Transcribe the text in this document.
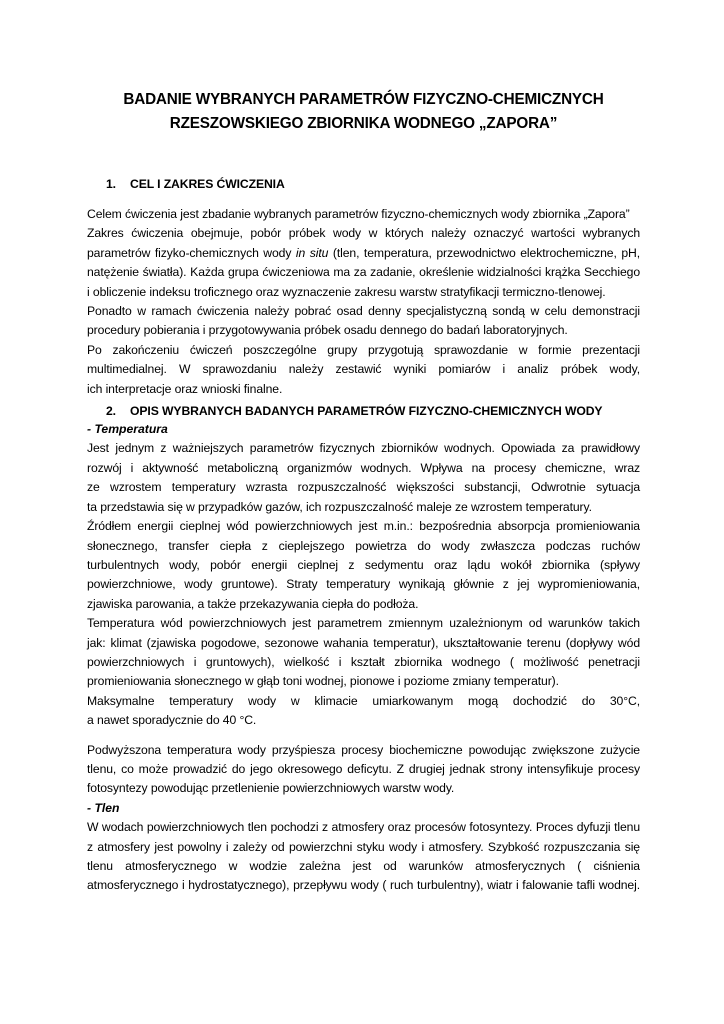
BADANIE WYBRANYCH PARAMETRÓW FIZYCZNO-CHEMICZNYCH
RZESZOWSKIEGO ZBIORNIKA WODNEGO „ZAPORA”
1. CEL I ZAKRES ĆWICZENIA
Celem ćwiczenia jest zbadanie wybranych parametrów fizyczno-chemicznych wody zbiornika „Zapora”
Zakres ćwiczenia obejmuje, pobór próbek wody w których należy oznaczyć wartości wybranych
parametrów fizyko-chemicznych wody in situ (tlen, temperatura, przewodnictwo elektrochemiczne, pH,
natężenie światła). Każda grupa ćwiczeniowa ma za zadanie, określenie widzialności krążka Secchiego
i obliczenie indeksu troficznego oraz wyznaczenie zakresu warstw stratyfikacji termiczno-tlenowej.
Ponadto w ramach ćwiczenia należy pobrać osad denny specjalistyczną sondą w celu demonstracji
procedury pobierania i przygotowywania próbek osadu dennego do badań laboratoryjnych.
Po zakończeniu ćwiczeń poszczególne grupy przygotują sprawozdanie w formie prezentacji
multimedialnej. W sprawozdaniu należy zestawić wyniki pomiarów i analiz próbek wody,
ich interpretacje oraz wnioski finalne.
2. OPIS WYBRANYCH BADANYCH PARAMETRÓW FIZYCZNO-CHEMICZNYCH WODY
- Temperatura
Jest jednym z ważniejszych parametrów fizycznych zbiorników wodnych. Opowiada za prawidłowy
rozwój i aktywność metaboliczną organizmów wodnych. Wpływa na procesy chemiczne, wraz
ze wzrostem temperatury wzrasta rozpuszczalność większości substancji, Odwrotnie sytuacja
ta przedstawia się w przypadków gazów, ich rozpuszczalność maleje ze wzrostem temperatury.
Źródłem energii cieplnej wód powierzchniowych jest m.in.: bezpośrednia absorpcja promieniowania
słonecznego, transfer ciepła z cieplejszego powietrza do wody zwłaszcza podczas ruchów
turbulentnych wody, pobór energii cieplnej z sedymentu oraz lądu wokół zbiornika (spływy
powierzchniowe, wody gruntowe). Straty temperatury wynikają głównie z jej wypromieniowania,
zjawiska parowania, a także przekazywania ciepła do podłoża.
Temperatura wód powierzchniowych jest parametrem zmiennym uzależnionym od warunków takich
jak: klimat (zjawiska pogodowe, sezonowe wahania temperatur), ukształtowanie terenu (dopływy wód
powierzchniowych i gruntowych), wielkość i kształt zbiornika wodnego ( możliwość penetracji
promieniowania słonecznego w głąb toni wodnej, pionowe i poziome zmiany temperatur).
Maksymalne temperatury wody w klimacie umiarkowanym mogą dochodzić do 30°C,
a nawet sporadycznie do 40 °C.
Podwyższona temperatura wody przyśpiesza procesy biochemiczne powodując zwiększone zużycie
tlenu, co może prowadzić do jego okresowego deficytu. Z drugiej jednak strony intensyfikuje procesy
fotosyntezy powodując przetlenienie powierzchniowych warstw wody.
- Tlen
W wodach powierzchniowych tlen pochodzi z atmosfery oraz procesów fotosyntezy. Proces dyfuzji tlenu
z atmosfery jest powolny i zależy od powierzchni styku wody i atmosfery. Szybkość rozpuszczania się
tlenu atmosferycznego w wodzie zależna jest od warunków atmosferycznych ( ciśnienia
atmosferycznego i hydrostatycznego), przepływu wody ( ruch turbulentny), wiatr i falowanie tafli wodnej.
